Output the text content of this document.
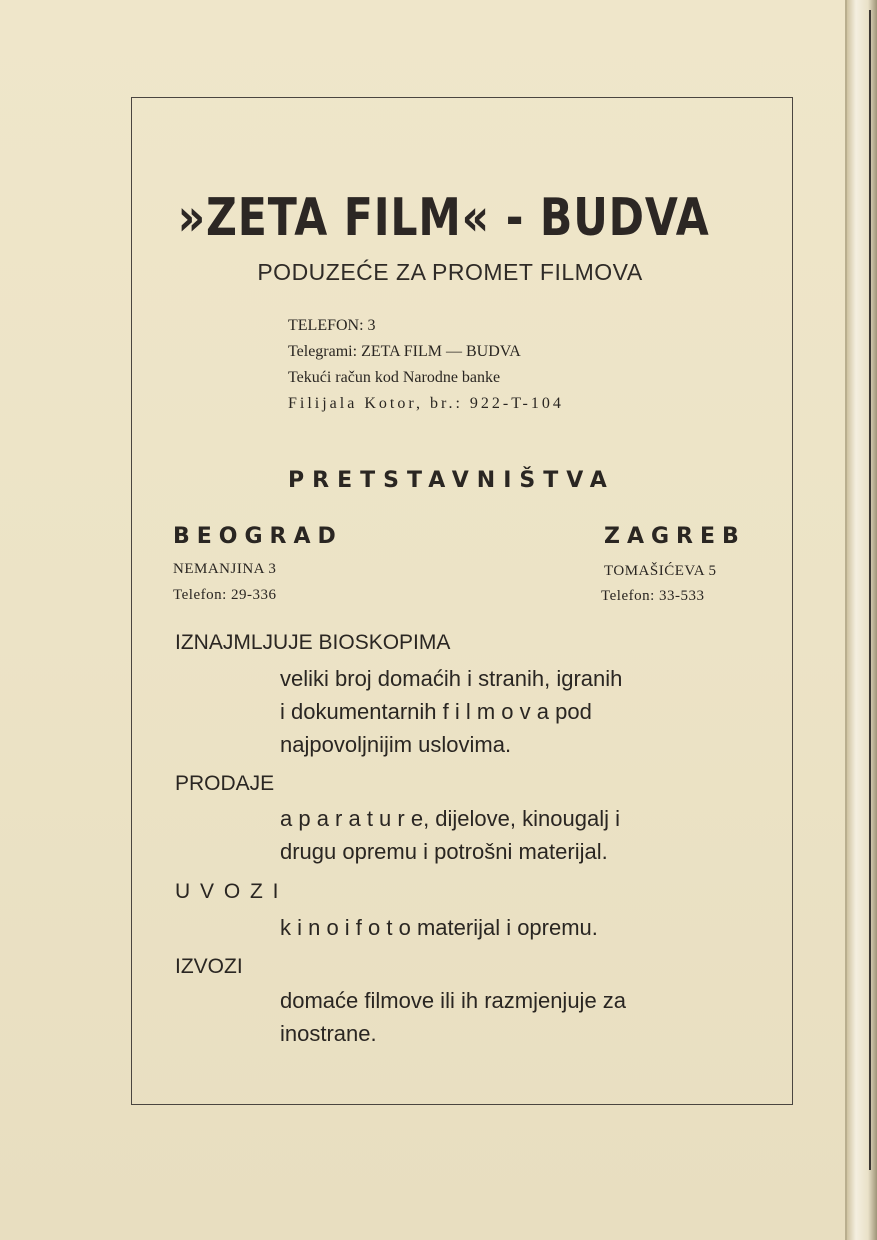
»ZETA FILM« - BUDVA
PODUZEĆE ZA PROMET FILMOVA
TELEFON: 3
Telegrami: ZETA FILM — BUDVA
Tekući račun kod Narodne banke
Filijala Kotor, br.: 922-T-104
PRETSTAVNIŠTVA
BEOGRAD
NEMANJINA 3
Telefon: 29-336
ZAGREB
TOMAŠIĆEVA 5
Telefon: 33-533
IZNAJMLJUJE BIOSKOPIMA
veliki broj domaćih i stranih, igranih
i dokumentarnih f i l m o v a pod
najpovoljnijim uslovima.
PRODAJE
a p a r a t u r e, dijelove, kinougalj i
drugu opremu i potrošni materijal.
U V O Z I
k i n o i f o t o materijal i opremu.
IZVOZI
domaće filmove ili ih razmjenjuje za
inostrane.
